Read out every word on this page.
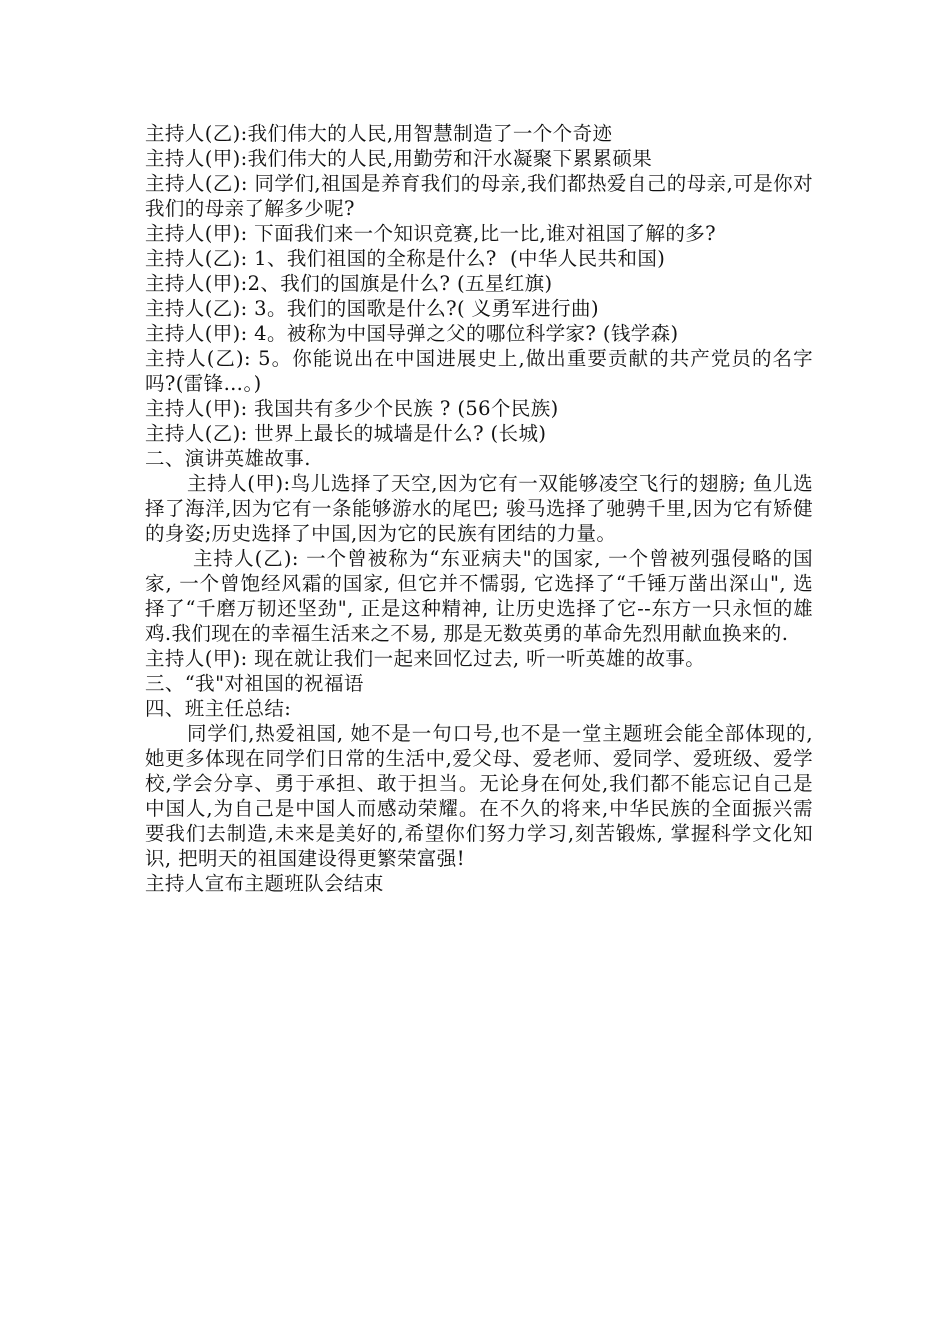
主持人(乙):我们伟大的人民,用智慧制造了一个个奇迹
主持人(甲):我们伟大的人民,用勤劳和汗水凝聚下累累硕果

主持人(乙): 同学们,祖国是养育我们的母亲,我们都热爱自己的母亲,可是你对我们的母亲了解多少呢?

主持人(甲): 下面我们来一个知识竞赛,比一比,谁对祖国了解的多?

主持人(乙): 1、我们祖国的全称是什么?  (中华人民共和国)
主持人(甲):2、我们的国旗是什么? (五星红旗)
主持人(乙): 3。我们的国歌是什么?( 义勇军进行曲)
主持人(甲): 4。被称为中国导弹之父的哪位科学家? (钱学森)

主持人(乙): 5。你能说出在中国进展史上,做出重要贡献的共产党员的名字吗?(雷锋…。)

主持人(甲): 我国共有多少个民族 ? (56个民族)
主持人(乙): 世界上最长的城墙是什么? (长城)
二、演讲英雄故事.

主持人(甲):鸟儿选择了天空,因为它有一双能够凌空飞行的翅膀; 鱼儿选择了海洋,因为它有一条能够游水的尾巴; 骏马选择了驰骋千里,因为它有矫健的身姿;历史选择了中国,因为它的民族有团结的力量。

主持人(乙): 一个曾被称为“东亚病夫"的国家, 一个曾被列强侵略的国家, 一个曾饱经风霜的国家, 但它并不懦弱, 它选择了“千锤万凿出深山", 选择了“千磨万韧还坚劲", 正是这种精神, 让历史选择了它--东方一只永恒的雄鸡.我们现在的幸福生活来之不易, 那是无数英勇的革命先烈用献血换来的.

主持人(甲): 现在就让我们一起来回忆过去, 听一听英雄的故事。
三、“我"对祖国的祝福语
四、班主任总结:

同学们,热爱祖国, 她不是一句口号,也不是一堂主题班会能全部体现的,她更多体现在同学们日常的生活中,爱父母、爱老师、爱同学、爱班级、爱学校,学会分享、勇于承担、敢于担当。无论身在何处,我们都不能忘记自己是中国人,为自己是中国人而感动荣耀。在不久的将来,中华民族的全面振兴需要我们去制造,未来是美好的,希望你们努力学习,刻苦锻炼, 掌握科学文化知识, 把明天的祖国建设得更繁荣富强!

主持人宣布主题班队会结束
